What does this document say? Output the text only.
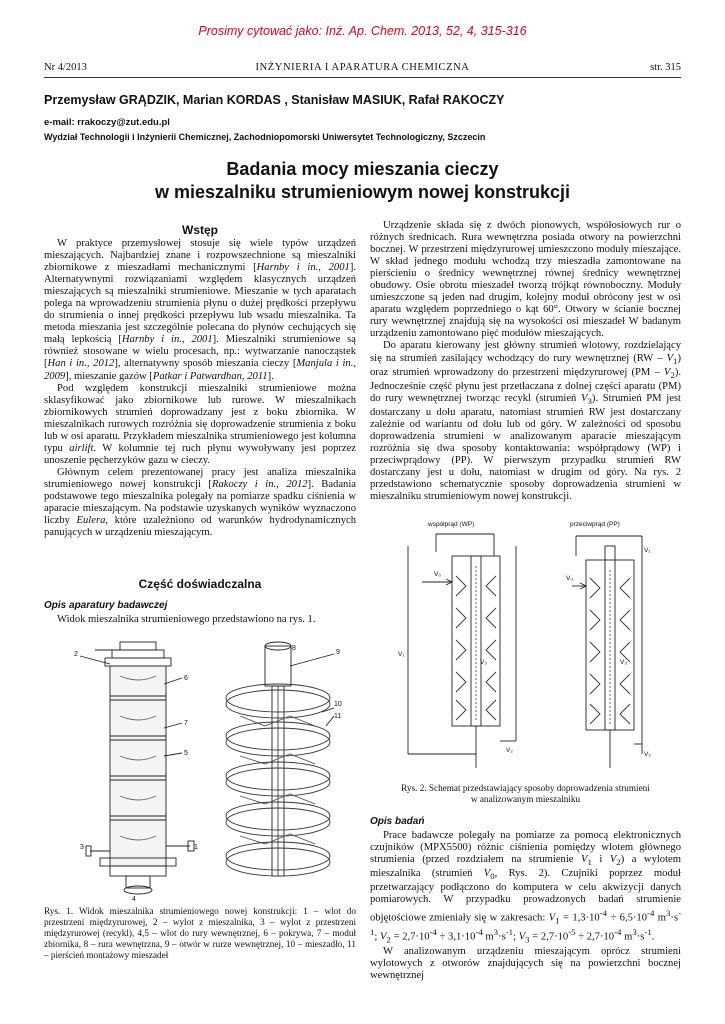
Prosimy cytować jako: Inż. Ap. Chem. 2013, 52, 4, 315-316
Nr 4/2013	INŻYNIERIA I APARATURA CHEMICZNA	str. 315
Przemysław GRĄDZIK, Marian KORDAS , Stanisław MASIUK, Rafał RAKOCZY
e-mail: rrakoczy@zut.edu.pl
Wydział Technologii i Inżynierii Chemicznej, Zachodniopomorski Uniwersytet Technologiczny, Szczecin
Badania mocy mieszania cieczy
w mieszalniku strumieniowym nowej konstrukcji
Wstęp

W praktyce przemysłowej stosuje się wiele typów urządzeń mieszających. Najbardziej znane i rozpowszechnione są mieszalniki zbiornikowe z mieszadłami mechanicznymi [Harnby i in., 2001]. Alternatywnymi rozwiązaniami względem klasycznych urządzeń mieszających są mieszalniki strumieniowe. Mieszanie w tych aparatach polega na wprowadzeniu strumienia płynu o dużej prędkości przepływu do strumienia o innej prędkości przepływu lub wsadu mieszalnika. Ta metoda mieszania jest szczególnie polecana do płynów cechujących się małą lepkością [Harnby i in., 2001]. Mieszalniki strumieniowe są również stosowane w wielu procesach, np.: wytwarzanie nanocząstek [Han i in., 2012], alternatywny sposób mieszania cieczy [Manjula i in., 2009], mieszanie gazów [Patkar i Patwardhan, 2011].

Pod względem konstrukcji mieszalniki strumieniowe można sklasyfikować jako zbiornikowe lub rurowe. W mieszalnikach zbiornikowych strumień doprowadzany jest z boku zbiornika. W mieszalnikach rurowych rozróżnia się doprowadzenie strumienia z boku lub w osi aparatu. Przykładem mieszalnika strumieniowego jest kolumna typu airlift. W kolumnie tej ruch płynu wywoływany jest poprzez unoszenie pęcherzyków gazu w cieczy.

Głównym celem prezentowanej pracy jest analiza mieszalnika strumieniowego nowej konstrukcji [Rakoczy i in., 2012]. Badania podstawowe tego mieszalnika polegały na pomiarze spadku ciśnienia w aparacie mieszającym. Na podstawie uzyskanych wyników wyznaczono liczby Eulera, które uzależniono od warunków hydrodynamicznych panujących w urządzeniu mieszającym.

Część doświadczalna
Opis aparatury badawczej

Widok mieszalnika strumieniowego przedstawiono na rys. 1.

2
6
7
5
3	1
4
8
9
10
11
Rys. 1. Widok mieszalnika strumieniowego nowej konstrukcji: 1 – wlot do przestrzeni międzyrurowej, 2 – wylot z mieszalnika, 3 – wylot z przestrzeni międzyrurowej (recykl), 4,5 – wlot do rury wewnętrznej, 6 – pokrywa, 7 – moduł zbiornika, 8 – rura wewnętrzna, 9 – otwór w rurze wewnętrznej, 10 – mieszadło, 11 – pierścień montażowy mieszadeł

Urządzenie składa się z dwóch pionowych, współosiowych rur o różnych średnicach. Rura wewnętrzna posiada otwory na powierzchni bocznej. W przestrzeni międzyrurowej umieszczono moduły mieszające. W skład jednego modułu wchodzą trzy mieszadła zamontowane na pierścieniu o średnicy wewnętrznej równej średnicy wewnętrznej obudowy. Osie obrotu mieszadeł tworzą trójkąt równoboczny. Moduły umieszczone są jeden nad drugim, kolejny moduł obrócony jest w osi aparatu względem poprzedniego o kąt 60°. Otwory w ścianie bocznej rury wewnętrznej znajdują się na wysokości osi mieszadeł W badanym urządzeniu zamontowano pięć modułów mieszających.

Do aparatu kierowany jest główny strumień wlotowy, rozdzielający się na strumień zasilający wchodzący do rury wewnętrznej $(RW - V_1)$ oraz strumień wprowadzony do przestrzeni międzyrurowej $(PM - V_2)$. Jednocześnie część płynu jest przetłaczana z dolnej części aparatu (PM) do rury wewnętrznej tworząc recykl (strumień $V_3$). Strumień PM jest dostarczany u dołu aparatu, natomiast strumień RW jest dostarczany zależnie od wariantu od dołu lub od góry. W zależności od sposobu doprowadzenia strumieni w analizowanym aparacie mieszającym rozróżnia się dwa sposoby kontaktowania: współprądowy (WP) i przeciwprądowy (PP). W pierwszym przypadku strumień RW dostarczany jest u dołu, natomiast w drugim od góry. Na rys. 2 przedstawiono schematycznie sposoby doprowadzenia strumieni w mieszalniku strumieniowym nowej konstrukcji.

współprąd (WP)	przeciwprąd (PP)
V₀
V₁
V₂
V₃
V₁
V₀
V₂
V₃
Rys. 2. Schemat przedstawiający sposoby doprowadzenia strumieni
w analizowanym mieszalniku
Opis badań

Prace badawcze polegały na pomiarze za pomocą elektronicznych czujników (MPX5500) różnic ciśnienia pomiędzy wlotem głównego strumienia (przed rozdziałem na strumienie $V_1$ i $V_2$) a wylotem mieszalnika (strumień $V_0$, Rys. 2). Czujniki poprzez moduł przetwarzający podłączono do komputera w celu akwizycji danych pomiarowych. W przypadku prowadzonych badań strumienie objętościowe zmieniały się w zakresach: $V_1 = 1,3\cdot 10^{-4} \div 6,5\cdot 10^{-4}$ $m^3\cdot s^{-1}$; $V_2 = 2,7\cdot 10^{-4} \div 3,1\cdot 10^{-4}$ $m^3\cdot s^{-1}$; $V_3 = 2,7\cdot 10^{-5} \div 2,7\cdot 10^{-4}$ $m^3\cdot s^{-1}$.

W analizowanym urządzeniu mieszającym oprócz strumieni wylotowych z otworów znajdujących się na powierzchni bocznej wewnętrznej
